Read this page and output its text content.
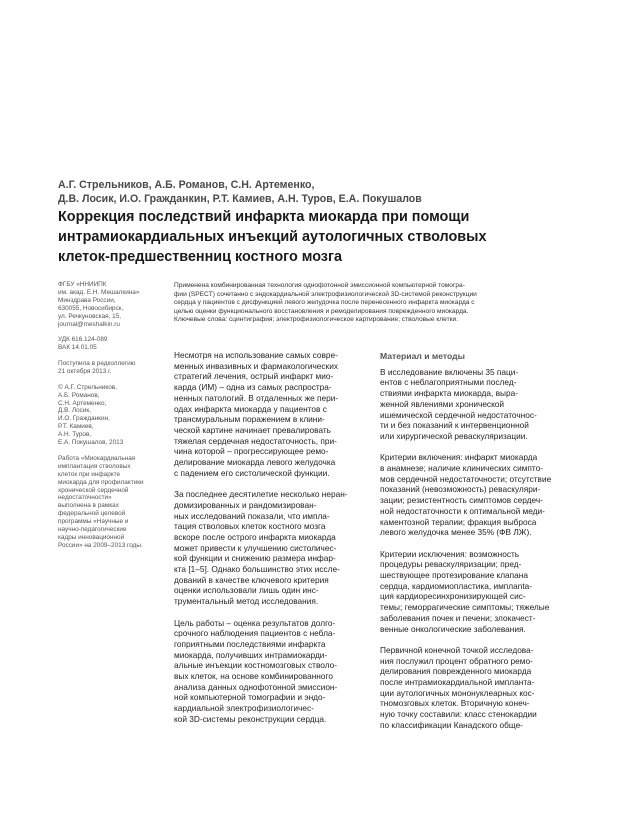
А.Г. Стрельников, А.Б. Романов, С.Н. Артеменко,
Д.В. Лосик, И.О. Гражданкин, Р.Т. Камиев, А.Н. Туров, Е.А. Покушалов
Коррекция последствий инфаркта миокарда при помощи
интрамиокардиальных инъекций аутологичных стволовых
клеток-предшественниц костного мозга
ФГБУ «ННИИПК
им. акад. Е.Н. Мешалкина»
Минздрава России,
630055, Новосибирск,
ул. Речкуновская, 15,
journal@meshalkin.ru
УДК 616.124-089
ВАК 14.01.05
Поступила в редколлегию
21 октября 2013 г.
© А.Г. Стрельников,
А.Б. Романов,
С.Н. Артеменко,
Д.В. Лосик,
И.О. Гражданкин,
Р.Т. Камиев,
А.Н. Туров,
Е.А. Покушалов, 2013
Работа «Миокардиальная
имплантация стволовых
клеток при инфаркте
миокарда для профилактики
хронической сердечной
недостаточности»
выполнена в рамках
федеральной целевой
программы «Научные и
научно-педагогические
кадры инновационной
России» на 2009–2013 годы.
Применена комбинированная технология однофотонной эмиссионной компьютерной томогра-
фии (SPECT) сочетанно с эндокардиальной электрофизиологической 3D-системой реконструкции
сердца у пациентов с дисфункцией левого желудочка после перенесенного инфаркта миокарда с
целью оценки функционального восстановления и ремоделирования поврежденного миокарда.
Ключевые слова: сцинтиграфия; электрофизиологическое картирование; стволовые клетки.

Несмотря на использование самых совре-
менных инвазивных и фармакологических
стратегий лечения, острый инфаркт мио-
карда (ИМ) – одна из самых распростра-
ненных патологий. В отдаленных же пери-
одах инфаркта миокарда у пациентов с
трансмуральным поражением в клини-
ческой картине начинает превалировать
тяжелая сердечная недостаточность, при-
чина которой – прогрессирующее ремо-
делирование миокарда левого желудочка
с падением его систолической функции.

За последнее десятилетие несколько неран-
домизированных и рандомизирован-
ных исследований показали, что импла-
тация стволовых клеток костного мозга
вскоре после острого инфаркта миокарда
может привести к улучшению систоличес-
кой функции и снижению размера инфар-
кта [1–5]. Однако большинство этих иссле-
дований в качестве ключевого критерия
оценки использовали лишь один инс-
трументальный метод исследования.

Цель работы – оценка результатов долго-
срочного наблюдения пациентов с небла-
гоприятными последствиями инфаркта
миокарда, получивших интрамиокарди-
альные инъекции костномозговых стволо-
вых клеток, на основе комбинированного
анализа данных однофотонной эмиссион-
ной компьютерной томографии и эндо-
кардиальной электрофизиологичес-
кой 3D-системы реконструкции сердца.

Материал и методы

В исследование включены 35 паци-
ентов с неблагоприятными послед-
ствиями инфаркта миокарда, выра-
женной явлениями хронической
ишемической сердечной недостаточнос-
ти и без показаний к интервенционной
или хирургической реваскуляризации.

Критерии включения: инфаркт миокарда
в анамнезе; наличие клинических симпто-
мов сердечной недостаточности; отсутствие
показаний (невозможность) реваскуляри-
зации; резистентность симптомов сердеч-
ной недостаточности к оптимальной меди-
каментозной терапии; фракция выброса
левого желудочка менее 35% (ФВ ЛЖ).

Критерии исключения: возможность
процедуры реваскуляризации; пред-
шествующее протезирование клапана
сердца, кардиомиопластика, имплanta-
ция кардиоресинхронизирующей сис-
темы; геморрагические симптомы; тяжелые
заболевания почек и печени; злокачест-
венные онкологические заболевания.

Первичной конечной точкой исследова-
ния послужил процент обратного ремо-
делирования поврежденного миокарда
после интрамиокардиальной импланта-
ции аутологичных мононуклеарных кос-
тномозговых клеток. Вторичную конеч-
ную точку составили: класс стенокардии
по классификации Канадского обще-
